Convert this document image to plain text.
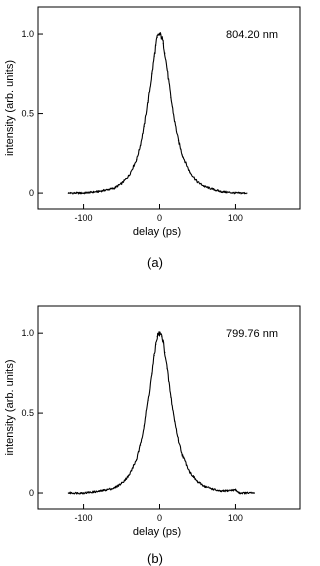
-100	0	100
0
0.5
1.0
delay (ps)
intensity (arb. units)
804.20 nm
(a)
-100	0	100
0
0.5
1.0
delay (ps)
intensity (arb. units)
799.76 nm
(b)
